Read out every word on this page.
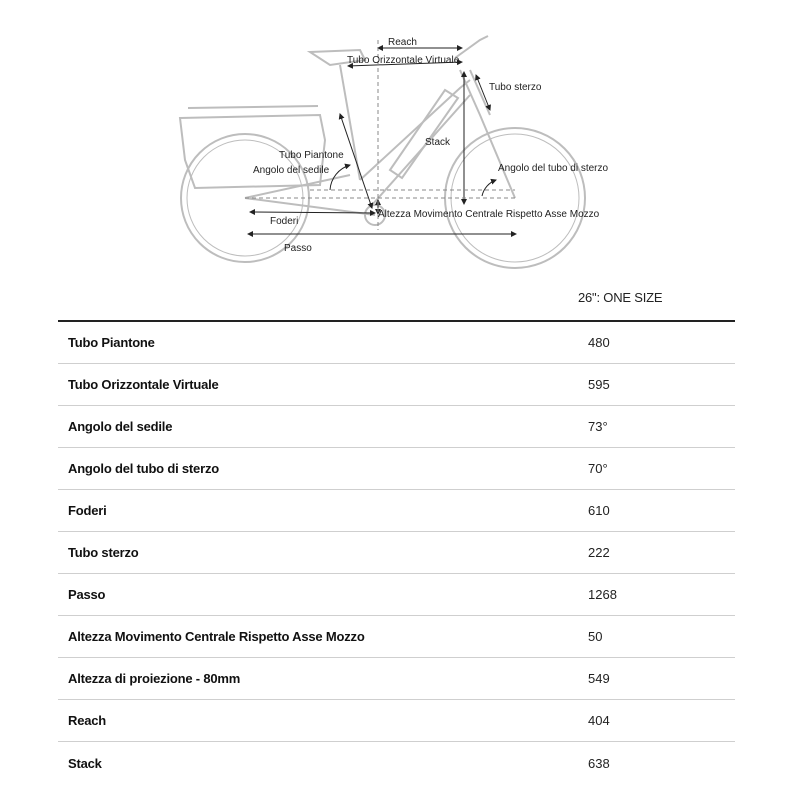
Reach
Tubo Orizzontale Virtuale
Tubo sterzo
Stack
Tubo Piantone
Angolo del sedile	Angolo del tubo di sterzo
Foderi
Altezza Movimento Centrale Rispetto Asse Mozzo
Passo
26": ONE SIZE
Tubo Piantone	480
Tubo Orizzontale Virtuale	595
Angolo del sedile	73°
Angolo del tubo di sterzo	70°
Foderi	610
Tubo sterzo	222
Passo	1268
Altezza Movimento Centrale Rispetto Asse Mozzo	50
Altezza di proiezione - 80mm	549
Reach	404
Stack	638
